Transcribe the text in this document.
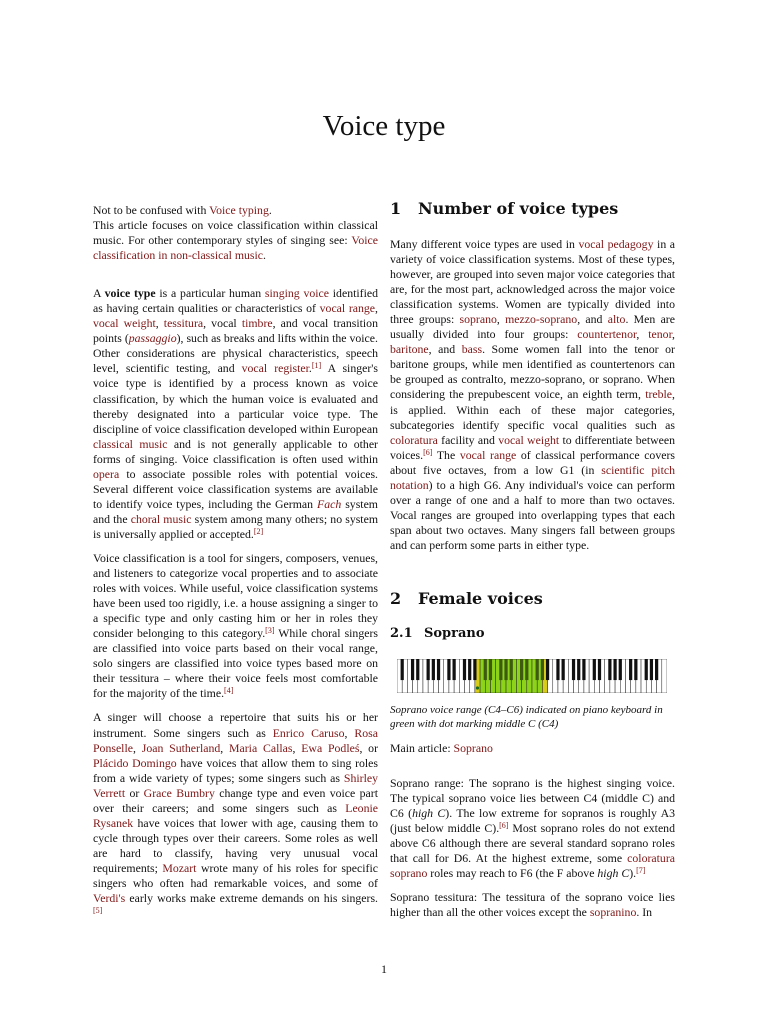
Voice type

Not to be confused with Voice typing.

This article focuses on voice classification within classical music. For other contemporary styles of singing see: Voice classification in non-classical music.

A voice type is a particular human singing voice identified as having certain qualities or characteristics of vocal range, vocal weight, tessitura, vocal timbre, and vocal transition points (passaggio), such as breaks and lifts within the voice. Other considerations are physical characteristics, speech level, scientific testing, and vocal register.[1] A singer's voice type is identified by a process known as voice classification, by which the human voice is evaluated and thereby designated into a particular voice type. The discipline of voice classification developed within European classical music and is not generally applicable to other forms of singing. Voice classification is often used within opera to associate possible roles with potential voices. Several different voice classification systems are available to identify voice types, including the German Fach system and the choral music system among many others; no system is universally applied or accepted.[2]

Voice classification is a tool for singers, composers, venues, and listeners to categorize vocal properties and to associate roles with voices. While useful, voice classification systems have been used too rigidly, i.e. a house assigning a singer to a specific type and only casting him or her in roles they consider belonging to this category.[3] While choral singers are classified into voice parts based on their vocal range, solo singers are classified into voice types based more on their tessitura – where their voice feels most comfortable for the majority of the time.[4]

A singer will choose a repertoire that suits his or her instrument. Some singers such as Enrico Caruso, Rosa Ponselle, Joan Sutherland, Maria Callas, Ewa Podleś, or Plácido Domingo have voices that allow them to sing roles from a wide variety of types; some singers such as Shirley Verrett or Grace Bumbry change type and even voice part over their careers; and some singers such as Leonie Rysanek have voices that lower with age, causing them to cycle through types over their careers. Some roles as well are hard to classify, having very unusual vocal requirements; Mozart wrote many of his roles for specific singers who often had remarkable voices, and some of Verdi's early works make extreme demands on his singers.[5]

1 Number of voice types

Many different voice types are used in vocal pedagogy in a variety of voice classification systems. Most of these types, however, are grouped into seven major voice categories that are, for the most part, acknowledged across the major voice classification systems. Women are typically divided into three groups: soprano, mezzo-soprano, and alto. Men are usually divided into four groups: countertenor, tenor, baritone, and bass. Some women fall into the tenor or baritone groups, while men identified as countertenors can be grouped as contralto, mezzo-soprano, or soprano. When considering the prepubescent voice, an eighth term, treble, is applied. Within each of these major categories, subcategories identify specific vocal qualities such as coloratura facility and vocal weight to differentiate between voices.[6] The vocal range of classical performance covers about five octaves, from a low G1 (in scientific pitch notation) to a high G6. Any individual's voice can perform over a range of one and a half to more than two octaves. Vocal ranges are grouped into overlapping types that each span about two octaves. Many singers fall between groups and can perform some parts in either type.

2 Female voices
2.1 Soprano

Soprano voice range (C4–C6) indicated on piano keyboard in green with dot marking middle C (C4)

Main article: Soprano

Soprano range: The soprano is the highest singing voice. The typical soprano voice lies between C4 (middle C) and C6 (high C). The low extreme for sopranos is roughly A3 (just below middle C).[6] Most soprano roles do not extend above C6 although there are several standard soprano roles that call for D6. At the highest extreme, some coloratura soprano roles may reach to F6 (the F above high C).[7]

Soprano tessitura: The tessitura of the soprano voice lies higher than all the other voices except the sopranino. In

1
